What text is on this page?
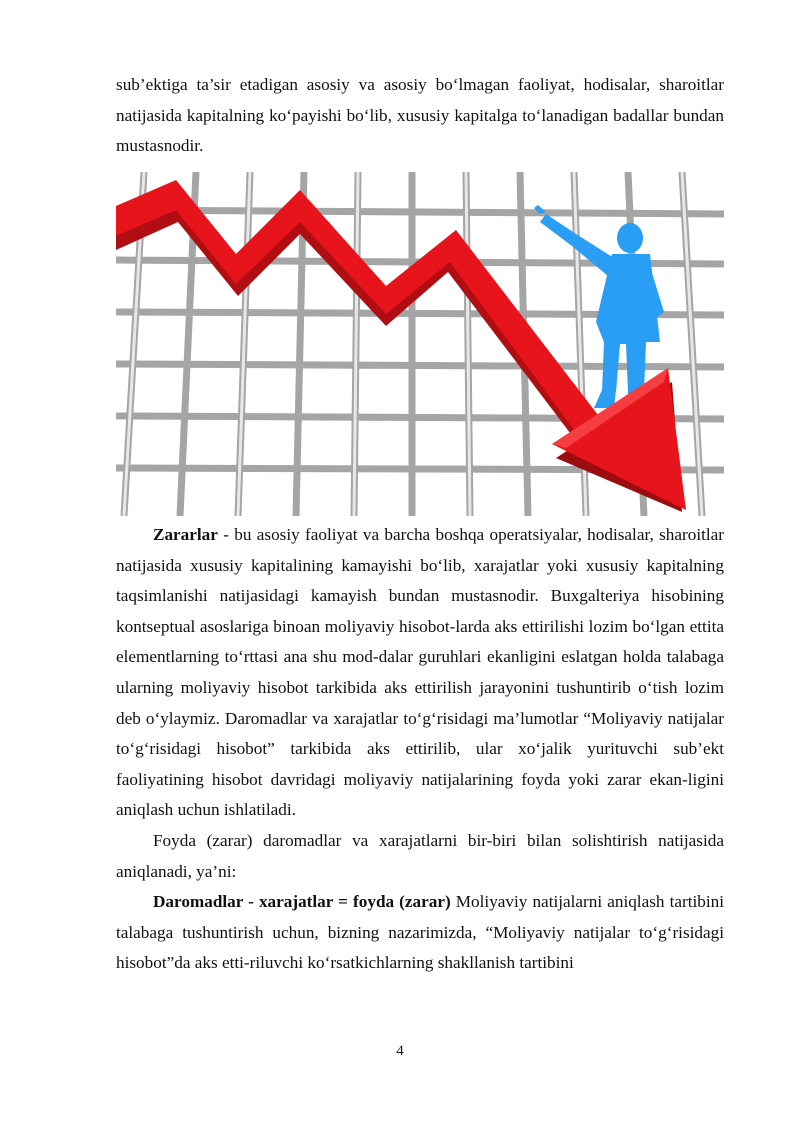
sub’ektiga ta’sir etadigan asosiy va asosiy bo‘lmagan faoliyat, hodisalar, sharoitlar natijasida kapitalning ko‘payishi bo‘lib, xususiy kapitalga to‘lanadigan badallar bundan mustasnodir.

Zararlar - bu asosiy faoliyat va barcha boshqa operatsiyalar, hodisalar, sharoitlar natijasida xususiy kapitalining kamayishi bo‘lib, xarajatlar yoki xususiy kapitalning taqsimlanishi natijasidagi kamayish bundan mustasnodir. Buxgalteriya hisobining kontseptual asoslariga binoan moliyaviy hisobot-larda aks ettirilishi lozim bo‘lgan ettita elementlarning to‘rttasi ana shu mod-dalar guruhlari ekanligini eslatgan holda talabaga ularning moliyaviy hisobot tarkibida aks ettirilish jarayonini tushuntirib o‘tish lozim deb o‘ylaymiz. Daromadlar va xarajatlar to‘g‘risidagi ma’lumotlar “Moliyaviy natijalar to‘g‘risidagi hisobot” tarkibida aks ettirilib, ular xo‘jalik yurituvchi sub’ekt faoliyatining hisobot davridagi moliyaviy natijalarining foyda yoki zarar ekan-ligini aniqlash uchun ishlatiladi.

Foyda (zarar) daromadlar va xarajatlarni bir-biri bilan solishtirish natijasida aniqlanadi, ya’ni:

Daromadlar - xarajatlar = foyda (zarar) Moliyaviy natijalarni aniqlash tartibini talabaga tushuntirish uchun, bizning nazarimizda, “Moliyaviy natijalar to‘g‘risidagi hisobot”da aks etti-riluvchi ko‘rsatkichlarning shakllanish tartibini

4
